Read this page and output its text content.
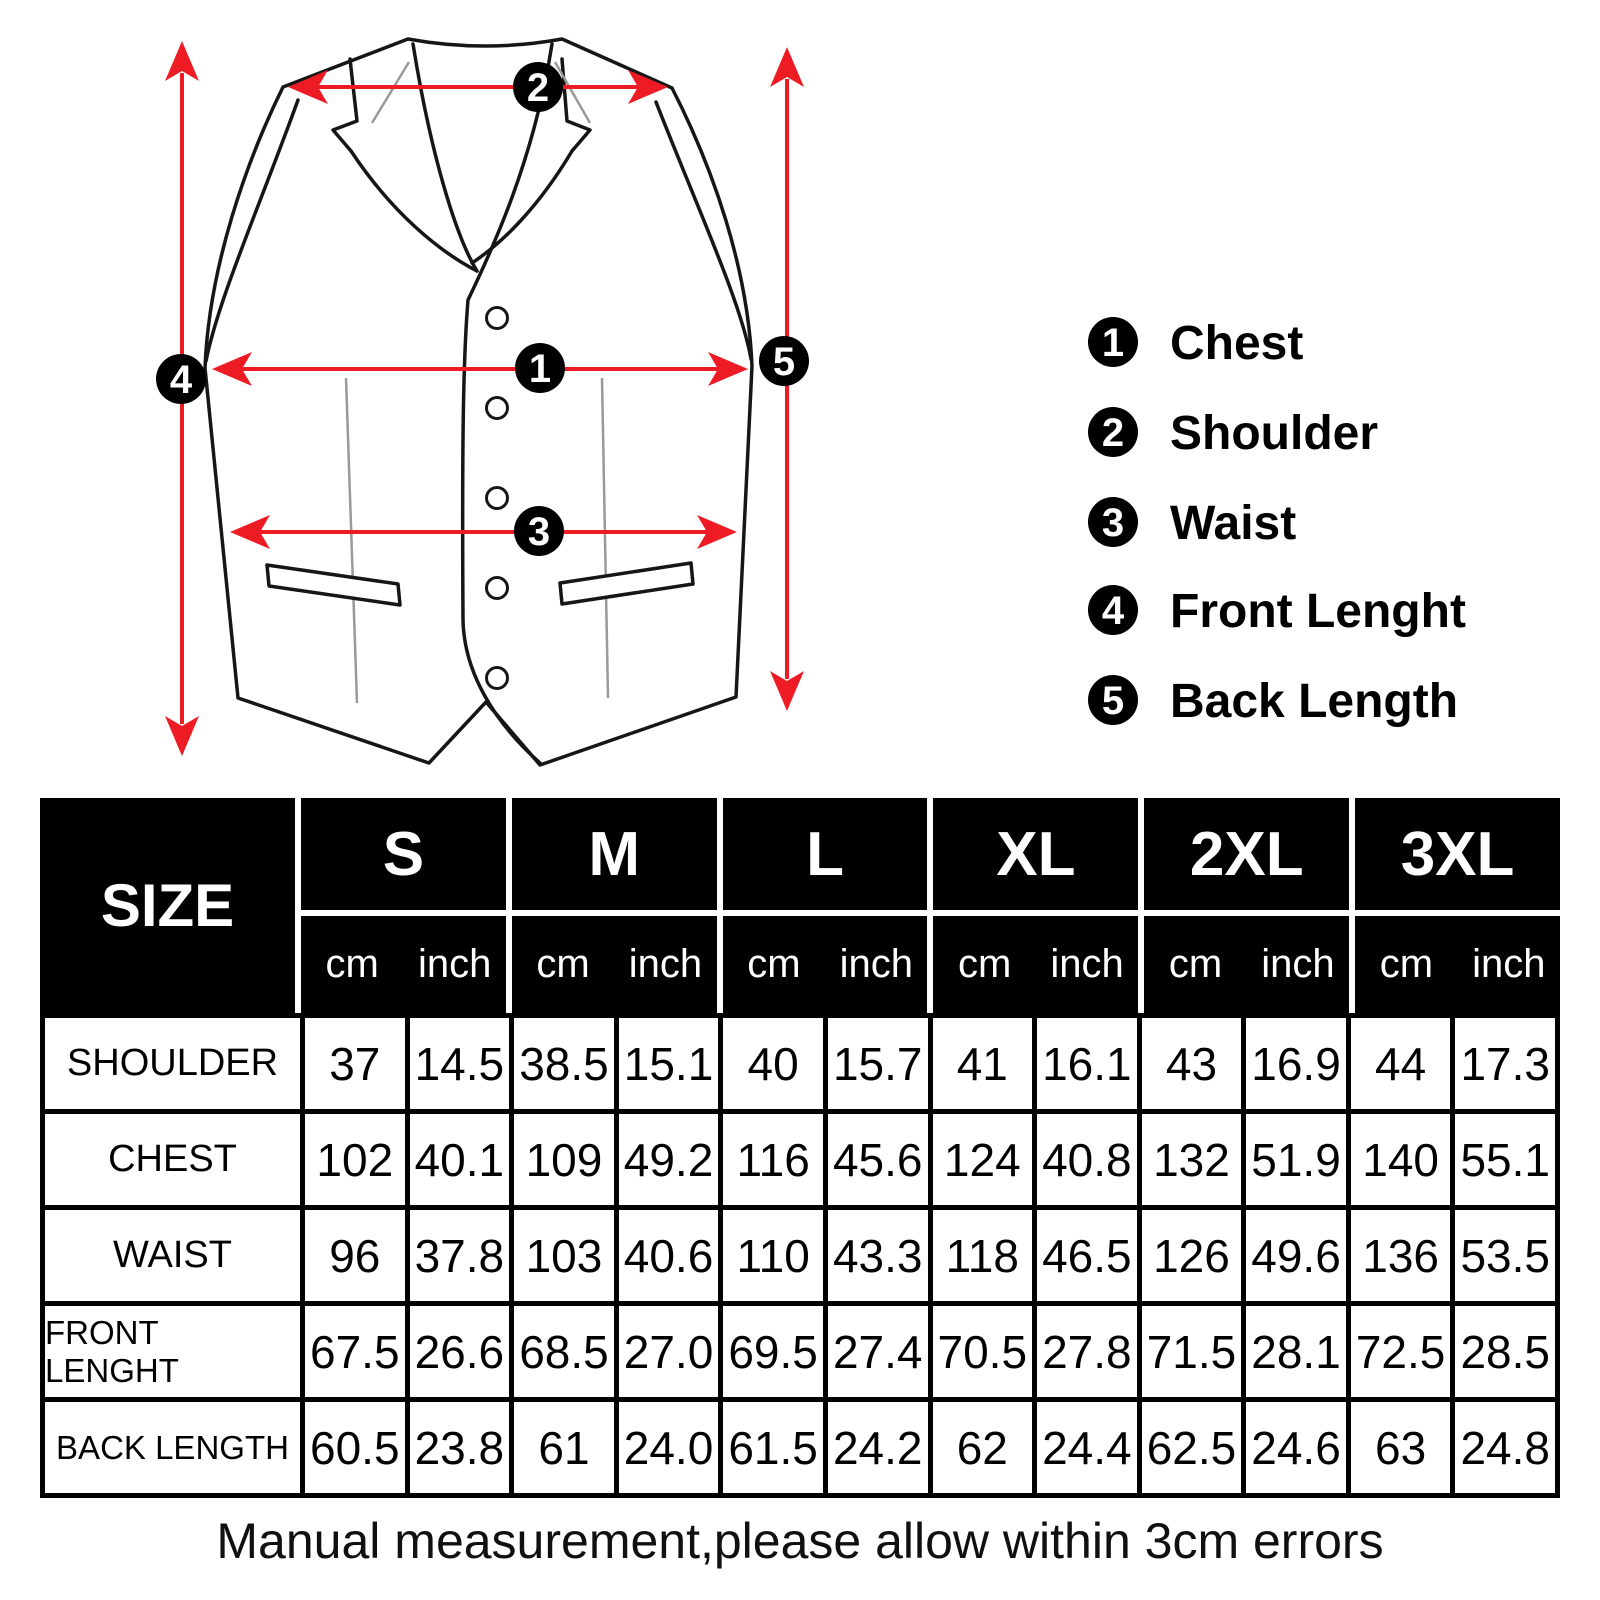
1
2
3
4	5	1 Chest
2 Shoulder
3 Waist
4 Front Lenght
5 Back Length
SIZE
S	M	L	XL	2XL	3XL
cm inch	cm inch	cm inch	cm inch	cm inch	cm inch
SHOULDER	37 14.5 38.5 15.1 40 15.7 41 16.1 43 16.9 44 17.3
CHEST	102 40.1 109 49.2 116 45.6 124 40.8 132 51.9 140 55.1
WAIST	96 37.8 103 40.6 110 43.3 118 46.5 126 49.6 136 53.5
FRONT LENGHT	67.5 26.6 68.5 27.0 69.5 27.4 70.5 27.8 71.5 28.1 72.5 28.5
BACK LENGTH 60.5 23.8 61 24.0 61.5 24.2 62 24.4 62.5 24.6 63 24.8
Manual measurement,please allow within 3cm errors
